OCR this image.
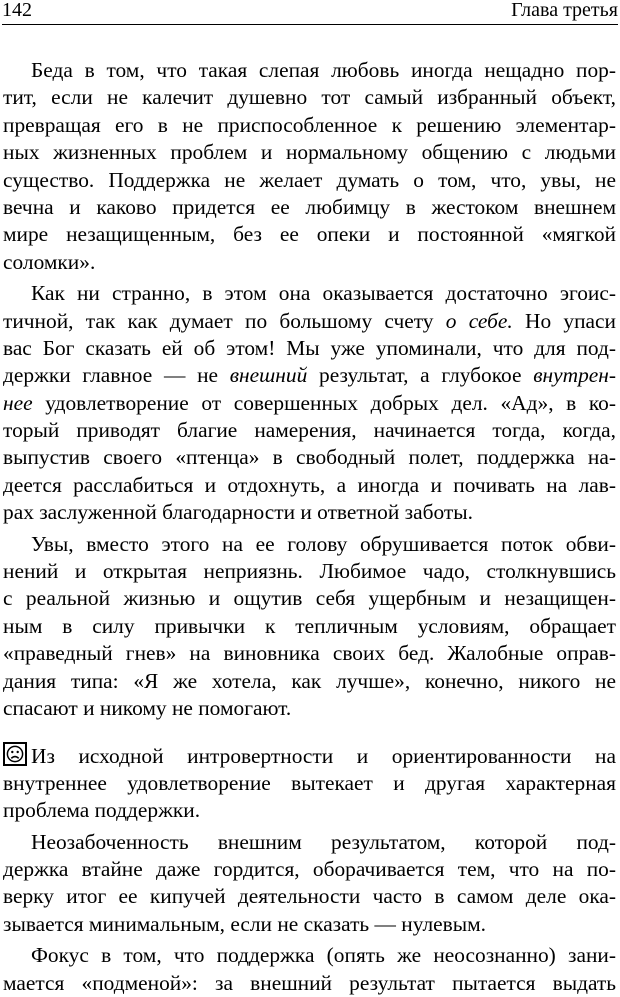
142	Глава третья
Беда в том, что такая слепая любовь иногда нещадно пор-
тит, если не калечит душевно тот самый избранный объект,
превращая его в не приспособленное к решению элементар-
ных жизненных проблем и нормальному общению с людьми
существо. Поддержка не желает думать о том, что, увы, не
вечна и каково придется ее любимцу в жестоком внешнем
мире незащищенным, без ее опеки и постоянной «мягкой
соломки».
Как ни странно, в этом она оказывается достаточно эгоис-
тичной, так как думает по большому счету о себе. Но упаси
вас Бог сказать ей об этом! Мы уже упоминали, что для под-
держки главное — не внешний результат, а глубокое внутрен-
нее удовлетворение от совершенных добрых дел. «Ад», в ко-
торый приводят благие намерения, начинается тогда, когда,
выпустив своего «птенца» в свободный полет, поддержка на-
деется расслабиться и отдохнуть, а иногда и почивать на лав-
рах заслуженной благодарности и ответной заботы.
Увы, вместо этого на ее голову обрушивается поток обви-
нений и открытая неприязнь. Любимое чадо, столкнувшись
с реальной жизнью и ощутив себя ущербным и незащищен-
ным в силу привычки к тепличным условиям, обращает
«праведный гнев» на виновника своих бед. Жалобные оправ-
дания типа: «Я же хотела, как лучше», конечно, никого не
спасают и никому не помогают.
Из исходной интровертности и ориентированности на
внутреннее удовлетворение вытекает и другая характерная
проблема поддержки.
Неозабоченность внешним результатом, которой под-
держка втайне даже гордится, оборачивается тем, что на по-
верку итог ее кипучей деятельности часто в самом деле ока-
зывается минимальным, если не сказать — нулевым.
Фокус в том, что поддержка (опять же неосознанно) зани-
мается «подменой»: за внешний результат пытается выдать
